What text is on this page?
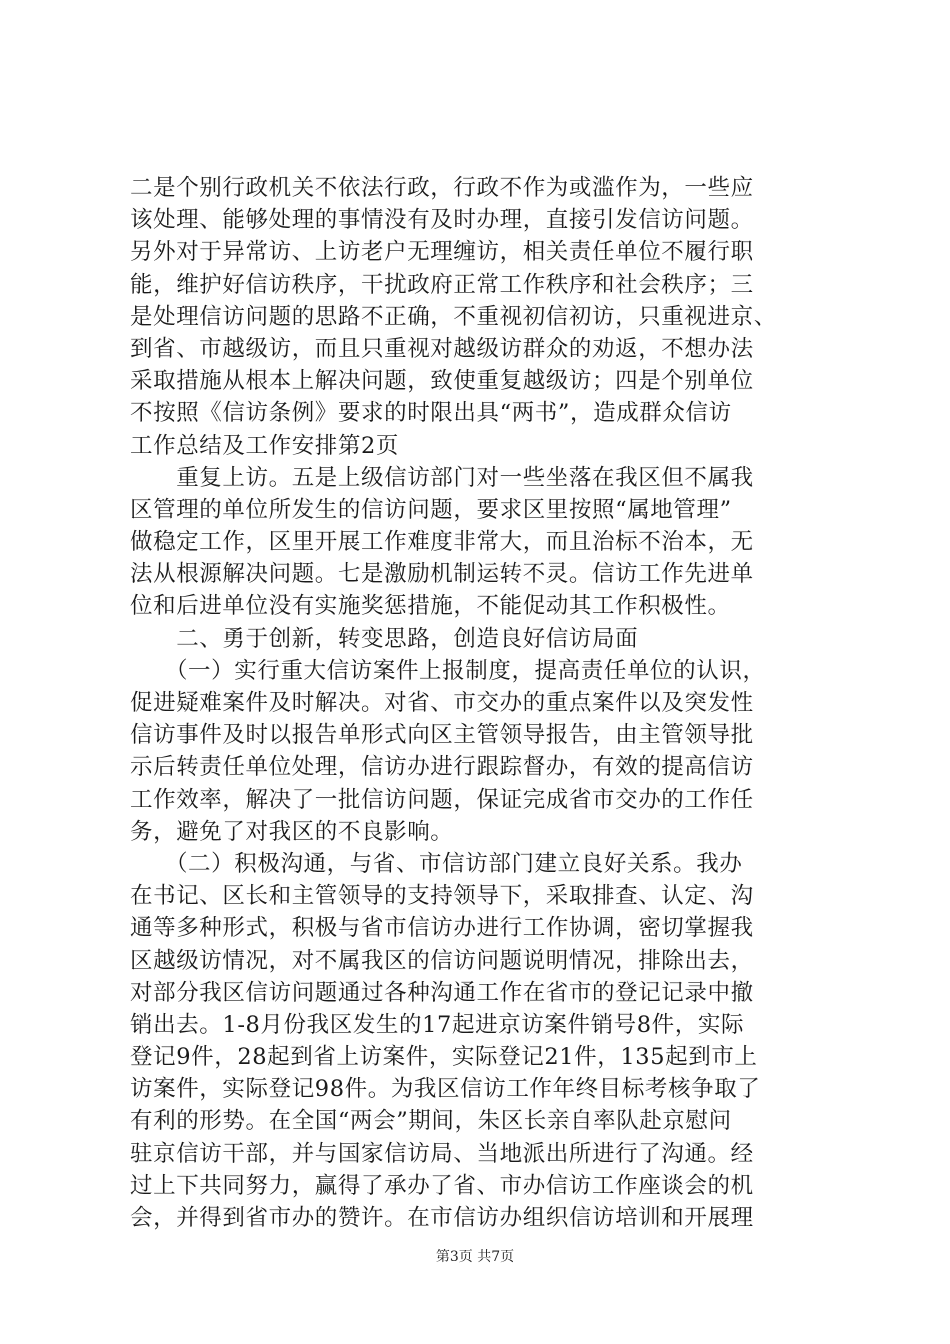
二是个别行政机关不依法行政，行政不作为或滥作为，一些应
该处理、能够处理的事情没有及时办理，直接引发信访问题。
另外对于异常访、上访老户无理缠访，相关责任单位不履行职
能，维护好信访秩序，干扰政府正常工作秩序和社会秩序；三
是处理信访问题的思路不正确，不重视初信初访，只重视进京、
到省、市越级访，而且只重视对越级访群众的劝返，不想办法
采取措施从根本上解决问题，致使重复越级访；四是个别单位
不按照《信访条例》要求的时限出具“两书”，造成群众信访
工作总结及工作安排第2页
　　重复上访。五是上级信访部门对一些坐落在我区但不属我
区管理的单位所发生的信访问题，要求区里按照“属地管理”
做稳定工作，区里开展工作难度非常大，而且治标不治本，无
法从根源解决问题。七是激励机制运转不灵。信访工作先进单
位和后进单位没有实施奖惩措施，不能促动其工作积极性。
　　二、勇于创新，转变思路，创造良好信访局面
　　（一）实行重大信访案件上报制度，提高责任单位的认识，
促进疑难案件及时解决。对省、市交办的重点案件以及突发性
信访事件及时以报告单形式向区主管领导报告，由主管领导批
示后转责任单位处理，信访办进行跟踪督办，有效的提高信访
工作效率，解决了一批信访问题，保证完成省市交办的工作任
务，避免了对我区的不良影响。
　　（二）积极沟通，与省、市信访部门建立良好关系。我办
在书记、区长和主管领导的支持领导下，采取排查、认定、沟
通等多种形式，积极与省市信访办进行工作协调，密切掌握我
区越级访情况，对不属我区的信访问题说明情况，排除出去，
对部分我区信访问题通过各种沟通工作在省市的登记记录中撤
销出去。1-8月份我区发生的17起进京访案件销号8件，实际
登记9件，28起到省上访案件，实际登记21件，135起到市上
访案件，实际登记98件。为我区信访工作年终目标考核争取了
有利的形势。在全国“两会”期间，朱区长亲自率队赴京慰问
驻京信访干部，并与国家信访局、当地派出所进行了沟通。经
过上下共同努力，赢得了承办了省、市办信访工作座谈会的机
会，并得到省市办的赞许。在市信访办组织信访培训和开展理
第3页 共7页
